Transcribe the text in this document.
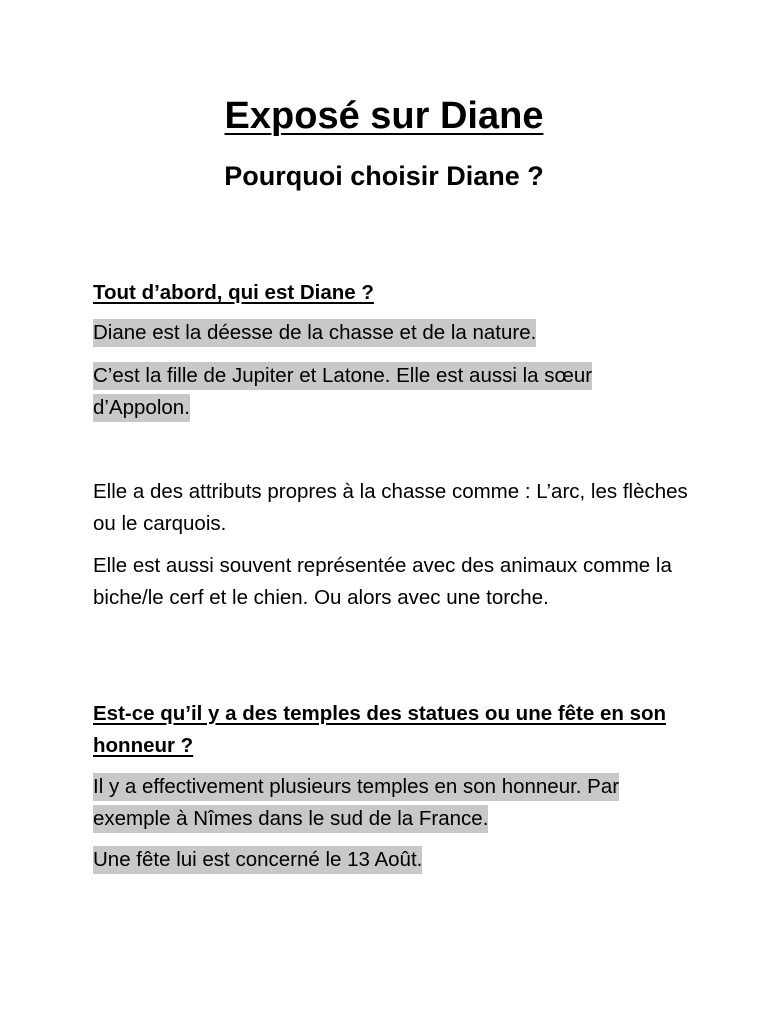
Exposé sur Diane
Pourquoi choisir Diane ?

Tout d’abord, qui est Diane ?

Diane est la déesse de la chasse et de la nature.

C’est la fille de Jupiter et Latone. Elle est aussi la sœur d’Appolon.

Elle a des attributs propres à la chasse comme : L’arc, les flèches ou le carquois.

Elle est aussi souvent représentée avec des animaux comme la biche/le cerf et le chien. Ou alors avec une torche.

Est-ce qu’il y a des temples des statues ou une fête en son honneur ?

Il y a effectivement plusieurs temples en son honneur. Par exemple à Nîmes dans le sud de la France.

Une fête lui est concerné le 13 Août.
